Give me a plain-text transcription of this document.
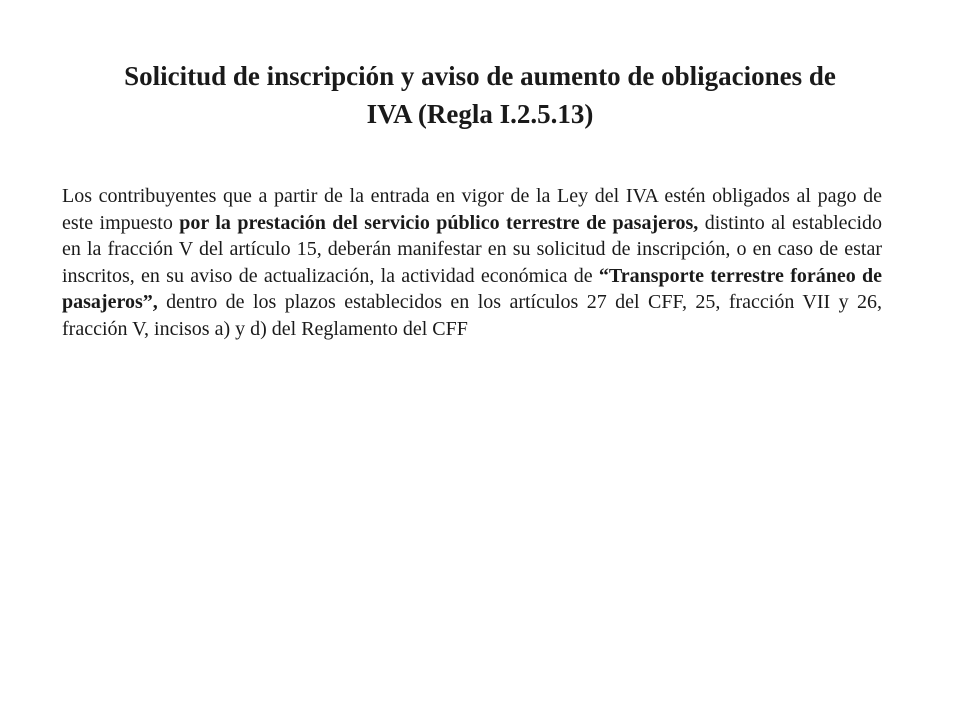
Solicitud de inscripción y aviso de aumento de obligaciones de
IVA (Regla I.2.5.13)

Los contribuyentes que a partir de la entrada en vigor de la Ley del IVA estén obligados al pago de este impuesto por la prestación del servicio público terrestre de pasajeros, distinto al establecido en la fracción V del artículo 15, deberán manifestar en su solicitud de inscripción, o en caso de estar inscritos, en su aviso de actualización, la actividad económica de “Transporte terrestre foráneo de pasajeros”, dentro de los plazos establecidos en los artículos 27 del CFF, 25, fracción VII y 26, fracción V, incisos a) y d) del Reglamento del CFF
